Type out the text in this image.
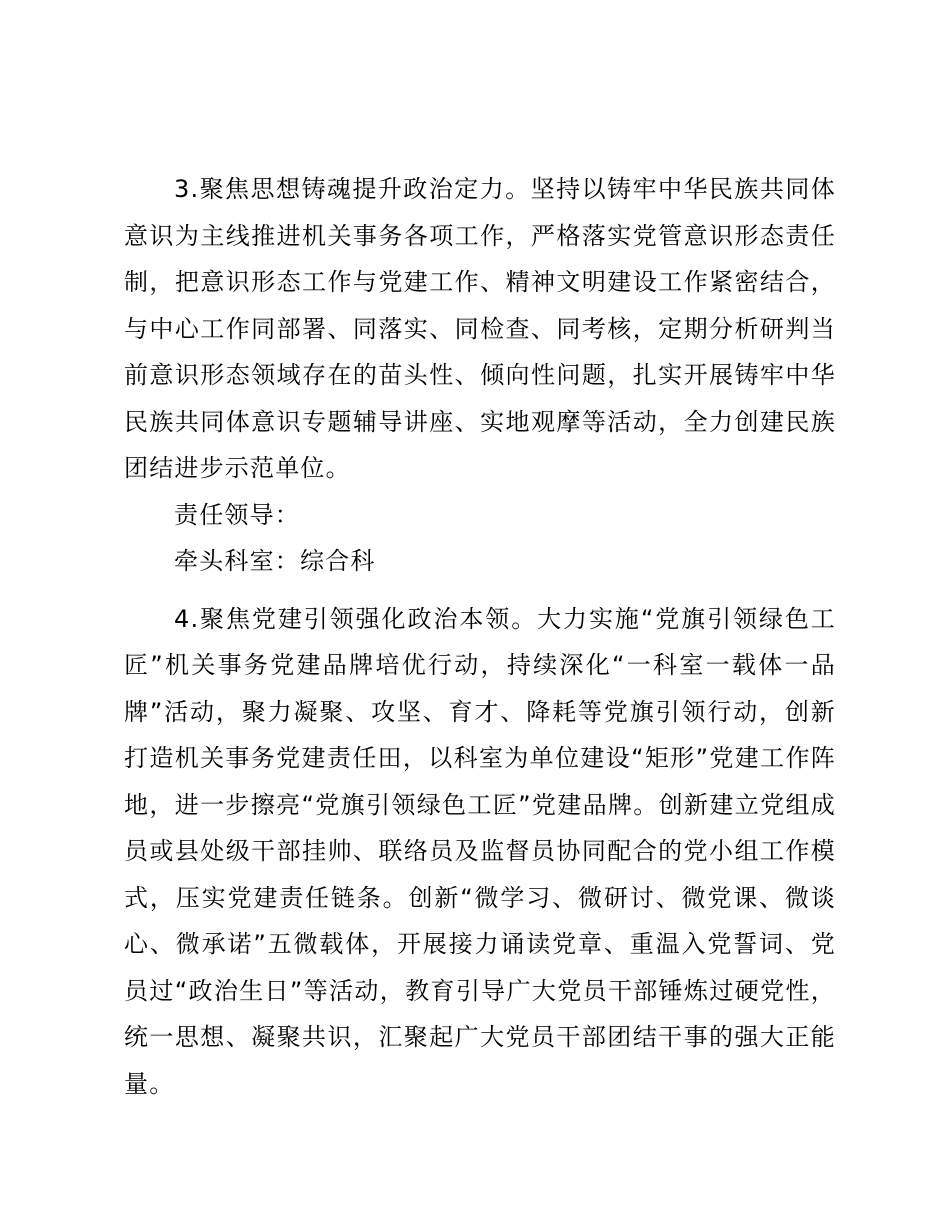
3.聚焦思想铸魂提升政治定力。坚持以铸牢中华民族共同体意识为主线推进机关事务各项工作，严格落实党管意识形态责任制，把意识形态工作与党建工作、精神文明建设工作紧密结合，与中心工作同部署、同落实、同检查、同考核，定期分析研判当前意识形态领域存在的苗头性、倾向性问题，扎实开展铸牢中华民族共同体意识专题辅导讲座、实地观摩等活动，全力创建民族团结进步示范单位。

责任领导：

牵头科室：综合科

4.聚焦党建引领强化政治本领。大力实施“党旗引领绿色工匠”机关事务党建品牌培优行动，持续深化“一科室一载体一品牌”活动，聚力凝聚、攻坚、育才、降耗等党旗引领行动，创新打造机关事务党建责任田，以科室为单位建设“矩形”党建工作阵地，进一步擦亮“党旗引领绿色工匠”党建品牌。创新建立党组成员或县处级干部挂帅、联络员及监督员协同配合的党小组工作模式，压实党建责任链条。创新“微学习、微研讨、微党课、微谈心、微承诺”五微载体，开展接力诵读党章、重温入党誓词、党员过“政治生日”等活动，教育引导广大党员干部锤炼过硬党性，统一思想、凝聚共识，汇聚起广大党员干部团结干事的强大正能量。
